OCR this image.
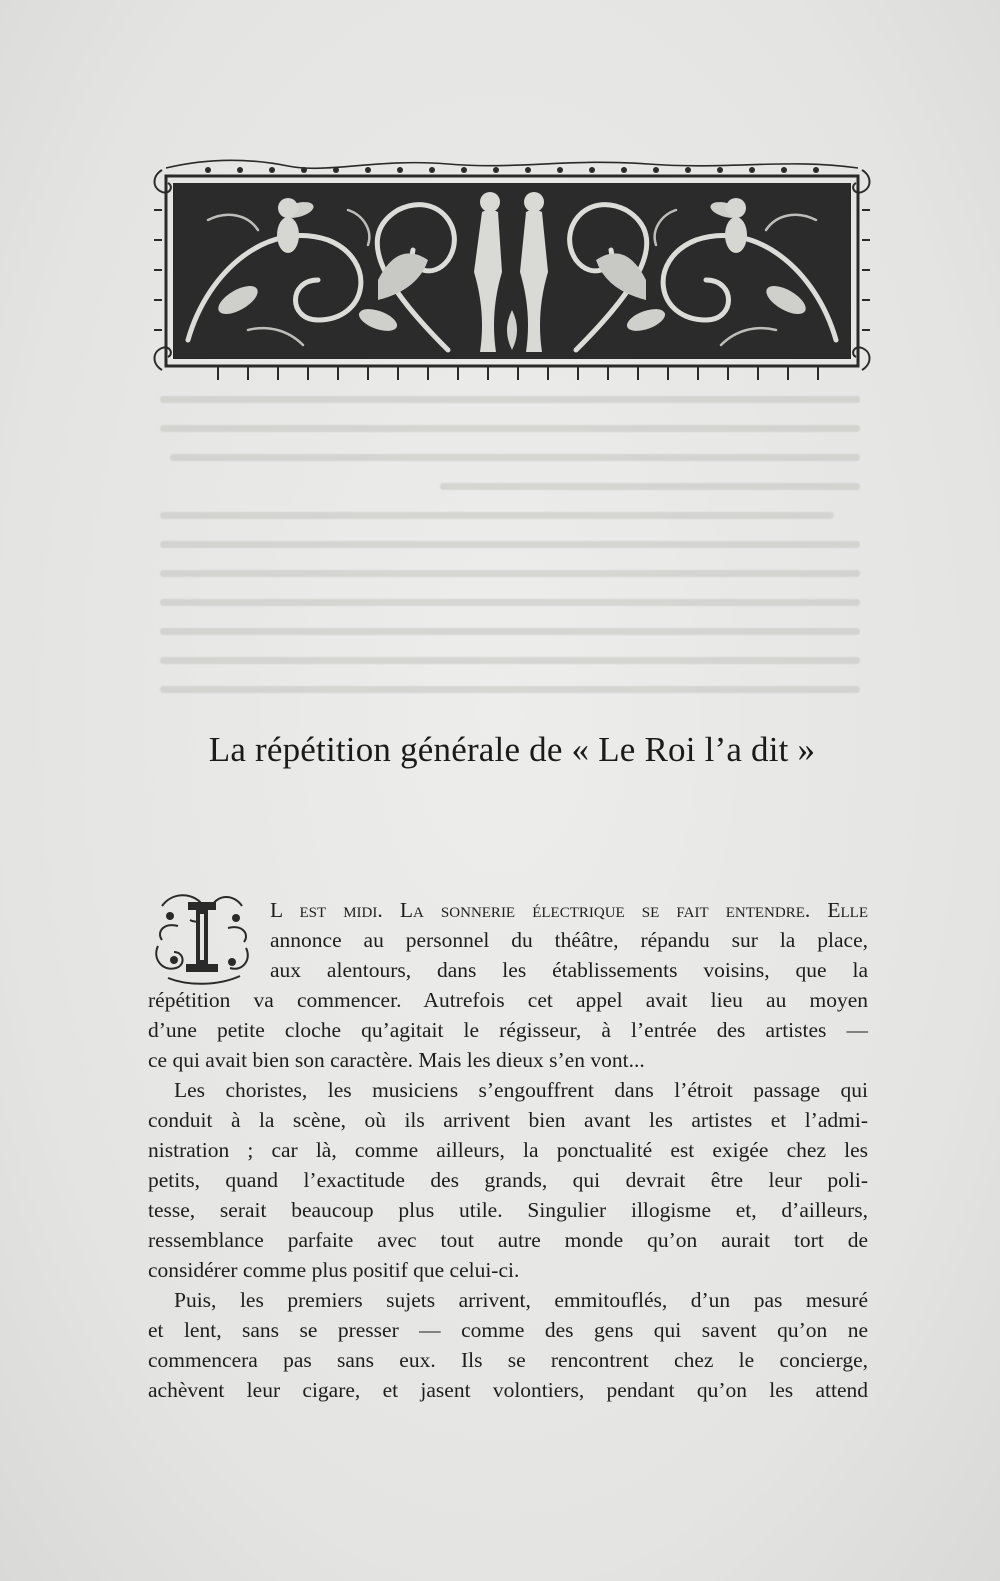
La répétition générale de « Le Roi l’a dit »
L est midi. La sonnerie électrique se fait entendre. Elle
annonce au personnel du théâtre, répandu sur la place,
aux alentours, dans les établissements voisins, que la
répétition va commencer. Autrefois cet appel avait lieu au moyen
d’une petite cloche qu’agitait le régisseur, à l’entrée des artistes —
ce qui avait bien son caractère. Mais les dieux s’en vont...
Les choristes, les musiciens s’engouffrent dans l’étroit passage qui
conduit à la scène, où ils arrivent bien avant les artistes et l’admi-
nistration ; car là, comme ailleurs, la ponctualité est exigée chez les
petits, quand l’exactitude des grands, qui devrait être leur poli-
tesse, serait beaucoup plus utile. Singulier illogisme et, d’ailleurs,
ressemblance parfaite avec tout autre monde qu’on aurait tort de
considérer comme plus positif que celui-ci.
Puis, les premiers sujets arrivent, emmitouflés, d’un pas mesuré
et lent, sans se presser — comme des gens qui savent qu’on ne
commencera pas sans eux. Ils se rencontrent chez le concierge,
achèvent leur cigare, et jasent volontiers, pendant qu’on les attend
